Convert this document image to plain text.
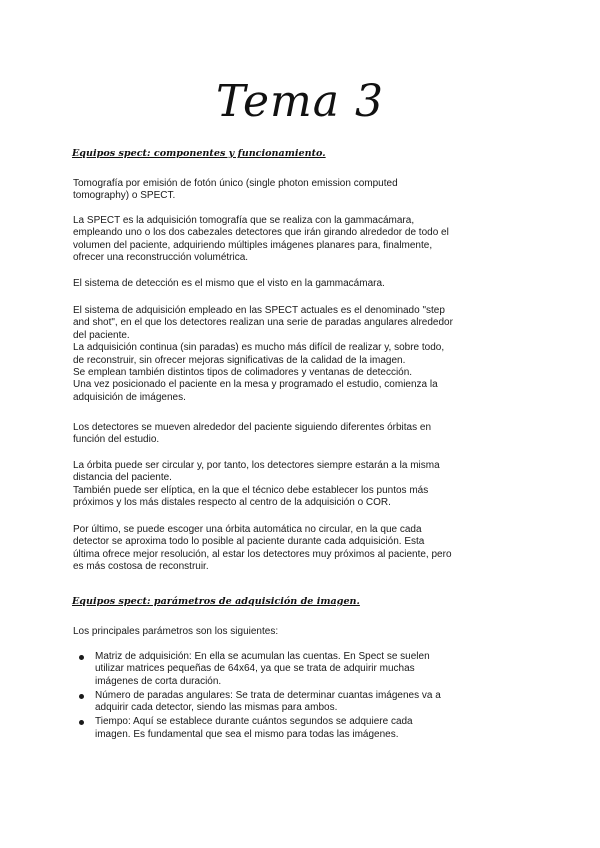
Tema 3
Equipos spect: componentes y funcionamiento.

Tomografía por emisión de fotón único (single photon emission computed
tomography) o SPECT.

La SPECT es la adquisición tomografía que se realiza con la gammacámara,
empleando uno o los dos cabezales detectores que irán girando alrededor de todo el
volumen del paciente, adquiriendo múltiples imágenes planares para, finalmente,
ofrecer una reconstrucción volumétrica.

El sistema de detección es el mismo que el visto en la gammacámara.

El sistema de adquisición empleado en las SPECT actuales es el denominado "step
and shot", en el que los detectores realizan una serie de paradas angulares alrededor
del paciente.
La adquisición continua (sin paradas) es mucho más difícil de realizar y, sobre todo,
de reconstruir, sin ofrecer mejoras significativas de la calidad de la imagen.
Se emplean también distintos tipos de colimadores y ventanas de detección.
Una vez posicionado el paciente en la mesa y programado el estudio, comienza la
adquisición de imágenes.

Los detectores se mueven alrededor del paciente siguiendo diferentes órbitas en
función del estudio.

La órbita puede ser circular y, por tanto, los detectores siempre estarán a la misma
distancia del paciente.
También puede ser elíptica, en la que el técnico debe establecer los puntos más
próximos y los más distales respecto al centro de la adquisición o COR.

Por último, se puede escoger una órbita automática no circular, en la que cada
detector se aproxima todo lo posible al paciente durante cada adquisición. Esta
última ofrece mejor resolución, al estar los detectores muy próximos al paciente, pero
es más costosa de reconstruir.

Equipos spect: parámetros de adquisición de imagen.

Los principales parámetros son los siguientes:

Matriz de adquisición: En ella se acumulan las cuentas. En Spect se suelen
utilizar matrices pequeñas de 64x64, ya que se trata de adquirir muchas
imágenes de corta duración.
Número de paradas angulares: Se trata de determinar cuantas imágenes va a
adquirir cada detector, siendo las mismas para ambos.
Tiempo: Aquí se establece durante cuántos segundos se adquiere cada
imagen. Es fundamental que sea el mismo para todas las imágenes.
